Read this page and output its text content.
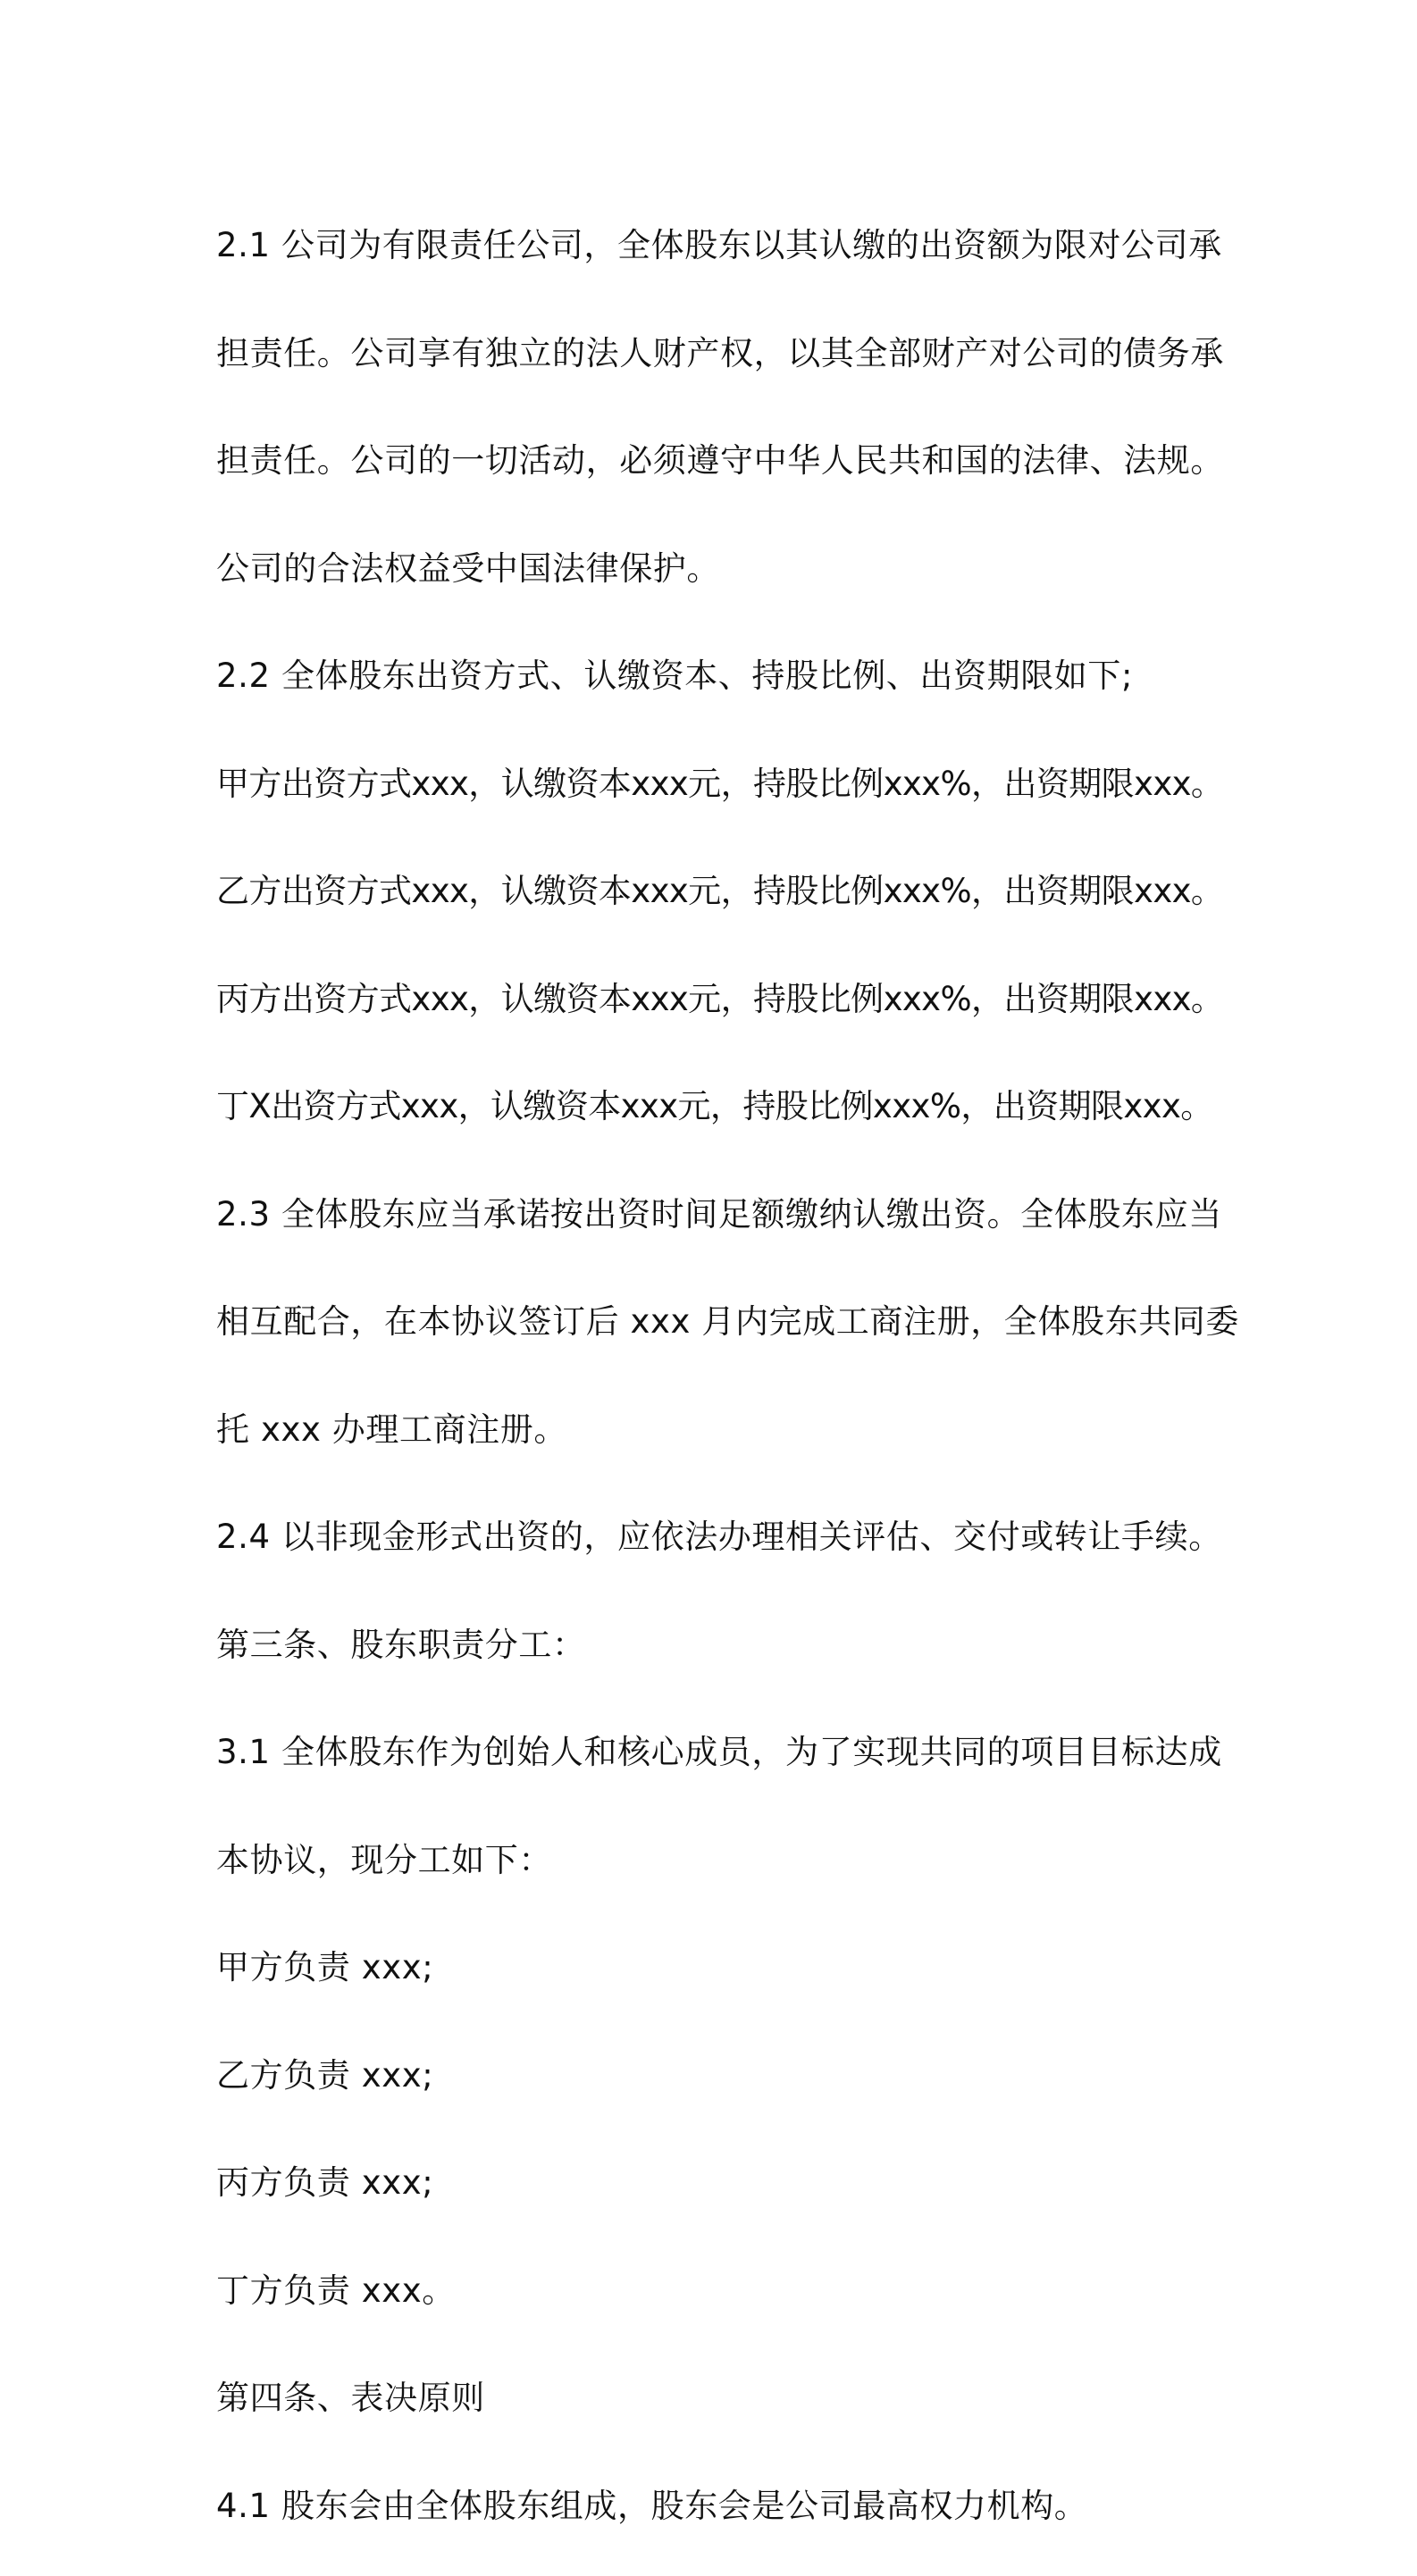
2.1 公司为有限责任公司，全体股东以其认缴的出资额为限对公司承

担责任。公司享有独立的法人财产权，以其全部财产对公司的债务承

担责任。公司的一切活动，必须遵守中华人民共和国的法律、法规。

公司的合法权益受中国法律保护。

2.2 全体股东出资方式、认缴资本、持股比例、出资期限如下;

甲方出资方式xxx，认缴资本xxx元，持股比例xxx%，出资期限xxx。

乙方出资方式xxx，认缴资本xxx元，持股比例xxx%，出资期限xxx。

丙方出资方式xxx，认缴资本xxx元，持股比例xxx%，出资期限xxx。

丁X出资方式xxx，认缴资本xxx元，持股比例xxx%，出资期限xxx。

2.3 全体股东应当承诺按出资时间足额缴纳认缴出资。全体股东应当

相互配合，在本协议签订后 xxx 月内完成工商注册，全体股东共同委

托 xxx 办理工商注册。

2.4 以非现金形式出资的，应依法办理相关评估、交付或转让手续。

第三条、股东职责分工：

3.1 全体股东作为创始人和核心成员，为了实现共同的项目目标达成

本协议，现分工如下：

甲方负责 xxx;

乙方负责 xxx;

丙方负责 xxx;

丁方负责 xxx。

第四条、表决原则

4.1 股东会由全体股东组成，股东会是公司最高权力机构。
